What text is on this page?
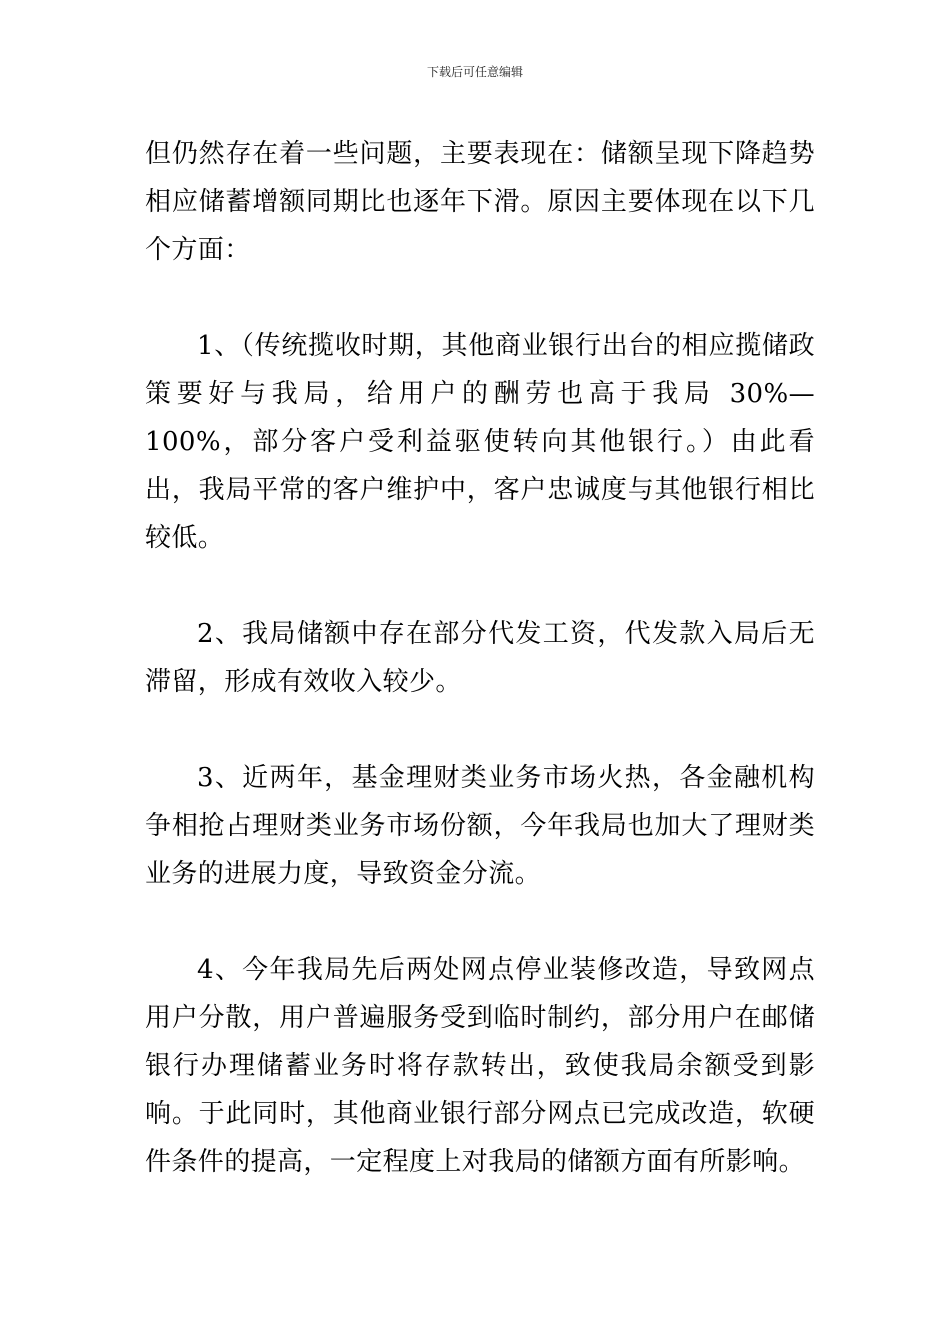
下载后可任意编辑

但仍然存在着一些问题，主要表现在：储额呈现下降趋势相应储蓄增额同期比也逐年下滑。原因主要体现在以下几个方面：

1、（传统揽收时期，其他商业银行出台的相应揽储政策要好与我局，给用户的酬劳也高于我局 30%—100%，部分客户受利益驱使转向其他银行。）由此看出，我局平常的客户维护中，客户忠诚度与其他银行相比较低。

2、我局储额中存在部分代发工资，代发款入局后无滞留，形成有效收入较少。

3、近两年，基金理财类业务市场火热，各金融机构争相抢占理财类业务市场份额，今年我局也加大了理财类业务的进展力度，导致资金分流。

4、今年我局先后两处网点停业装修改造，导致网点用户分散，用户普遍服务受到临时制约，部分用户在邮储银行办理储蓄业务时将存款转出，致使我局余额受到影响。于此同时，其他商业银行部分网点已完成改造，软硬件条件的提高，一定程度上对我局的储额方面有所影响。
